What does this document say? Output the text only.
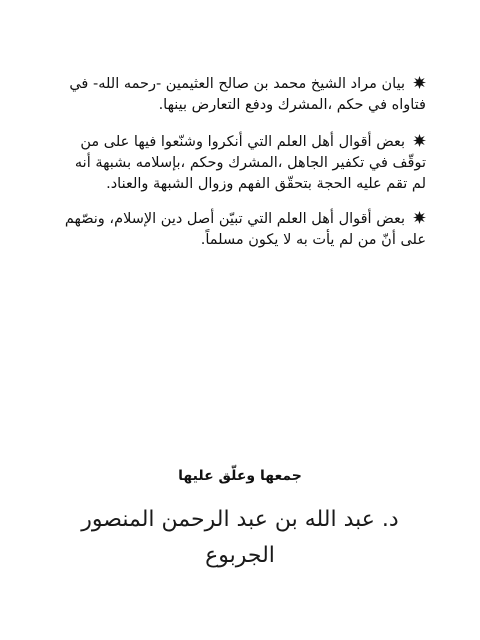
بيان مراد الشيخ محمد بن صالح العثيمين -رحمه الله- في فتاواه في حكم ،المشرك ودفع التعارض بينها.

بعض أقوال أهل العلم التي أنكروا وشنّعوا فيها على من توقّف في تكفير الجاهل ،المشرك وحكم ،بإسلامه بشبهة أنه لم تقم عليه الحجة بتحقّق الفهم وزوال الشبهة والعناد.

بعض أقوال أهل العلم التي تبيّن أصل دين الإسلام، ونصّهم على أنّ من لم يأت به لا يكون مسلماً.

جمعها وعلّق عليها
د. عبد الله بن عبد الرحمن المنصور الجربوع
